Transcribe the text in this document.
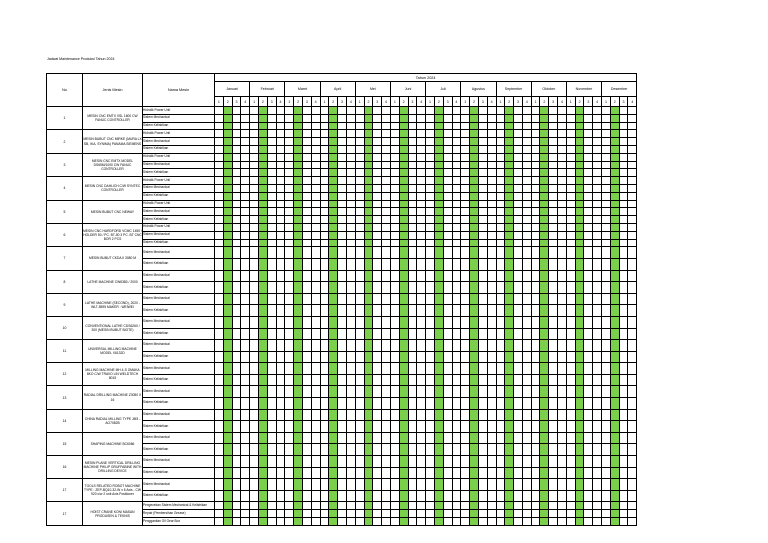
Jadwal Maintenance Produksi Tahun 2024
No	Jenis Mesin	Nama Mesin	Tahun 2024																																															
			Januari				Februari				Maret				April				Mei				Juni				Juli				Agustus				September				Oktober				November				Desember			
			1	2	3	4	1	2	3	4	1	2	3	4	1	2	3	4	1	2	3	4	1	2	3	4	1	2	3	4	1	2	3	4	1	2	3	4	1	2	3	4	1	2	3	4	1	2	3	4
1	MESIN CNC EMTX VSL 1600 CW FANUC CONTROLLER	Hidrolik Power Unit																																																
		Sistem Mechanical																																																
		Sistem Kelistrikan																																																
2	MESIN BUBUT CNC MIRKE (MURA LX SB, IKA. SYNIMA) PANAMA SIEMENS	Hidrolik Power Unit																																																
		Sistem Mechanical																																																
		Sistem Kelistrikan																																																
3	MESIN CNC EMTX MODEL DS65M/1000 CW FANUC CONTROLLER	Hidrolik Power Unit																																																
		Sistem Mechanical																																																
		Sistem Kelistrikan																																																
4	MESIN CNC DAHLICH C/W SYNTEC CONTROLLER	Hidrolik Power Unit																																																
		Sistem Mechanical																																																
		Sistem Kelistrikan																																																
5	MESIN BUBUT CNC NEWAY	Hidrolik Power Unit																																																
		Sistem Mechanical																																																
		Sistem Kelistrikan																																																
6	MESIN CNC HARDFORD VCMC 1450 / HOLDER 50 / PC. BT-50 3 PC. BT CNC BOR 2 PCS	Hidrolik Power Unit																																																
		Sistem Mechanical																																																
		Sistem Kelistrikan																																																
7	MESIN BUBUT CKDA II 3080 M	Sistem Mechanical																																																
		Sistem Kelistrikan																																																
8	LATHE MACHINE CW6380 / 2000	Sistem Mechanical																																																
		Sistem Kelistrikan																																																
9	LATHE MACHINE (SECOND), 2020 - WLT-5595 MAKER : WEIWEI	Sistem Mechanical																																																
		Sistem Kelistrikan																																																
10	CONVENTIONAL LATHE CDS6260 / 300 (MESIN BUBUT BIOTE)	Sistem Mechanical																																																
		Sistem Kelistrikan																																																
11	UNIVERSAL MILLING MACHINE MODEL X6132D	Sistem Mechanical																																																
		Sistem Kelistrikan																																																
12	MILLING MACHINE MH 4-S OMAKA 6KO C/W TRAVO LIN WELDTECH 8015	Sistem Mechanical																																																
		Sistem Kelistrikan																																																
13	RADIAL DRILLING MACHINE Z3050 X 16	Sistem Mechanical																																																
		Sistem Kelistrikan																																																
14	CHINA RADIAL MILLING TYPE JM3 - AO7082B	Sistem Mechanical																																																
		Sistem Kelistrikan																																																
15	SHAPING MACHINE BC6066	Sistem Mechanical																																																
		Sistem Kelistrikan																																																
16	MESIN PLANE VERTICAL DRILLING MACHINE PHILIP GRUFFABINE WITH DRILLING DEVICE	Sistem Mechanical																																																
		Sistem Kelistrikan																																																
17	TOOLS RELATED ROBOT MACHINE TYPE : ZEP-BQ10-32-W x 6 Axis - CW 920 c/w 2 unit Axis Positioner	Sistem Mechanical																																																
		Sistem Kelistrikan																																																
17	HOIST CRANE KONI MASAN PRODUSEN & TEKNIS	Pengecekan Sistem Mechanical & Kelistrikan																																																
		Repair (Pembersihan Grease)																																																
		Penggantian Oli Gear Box																																																
